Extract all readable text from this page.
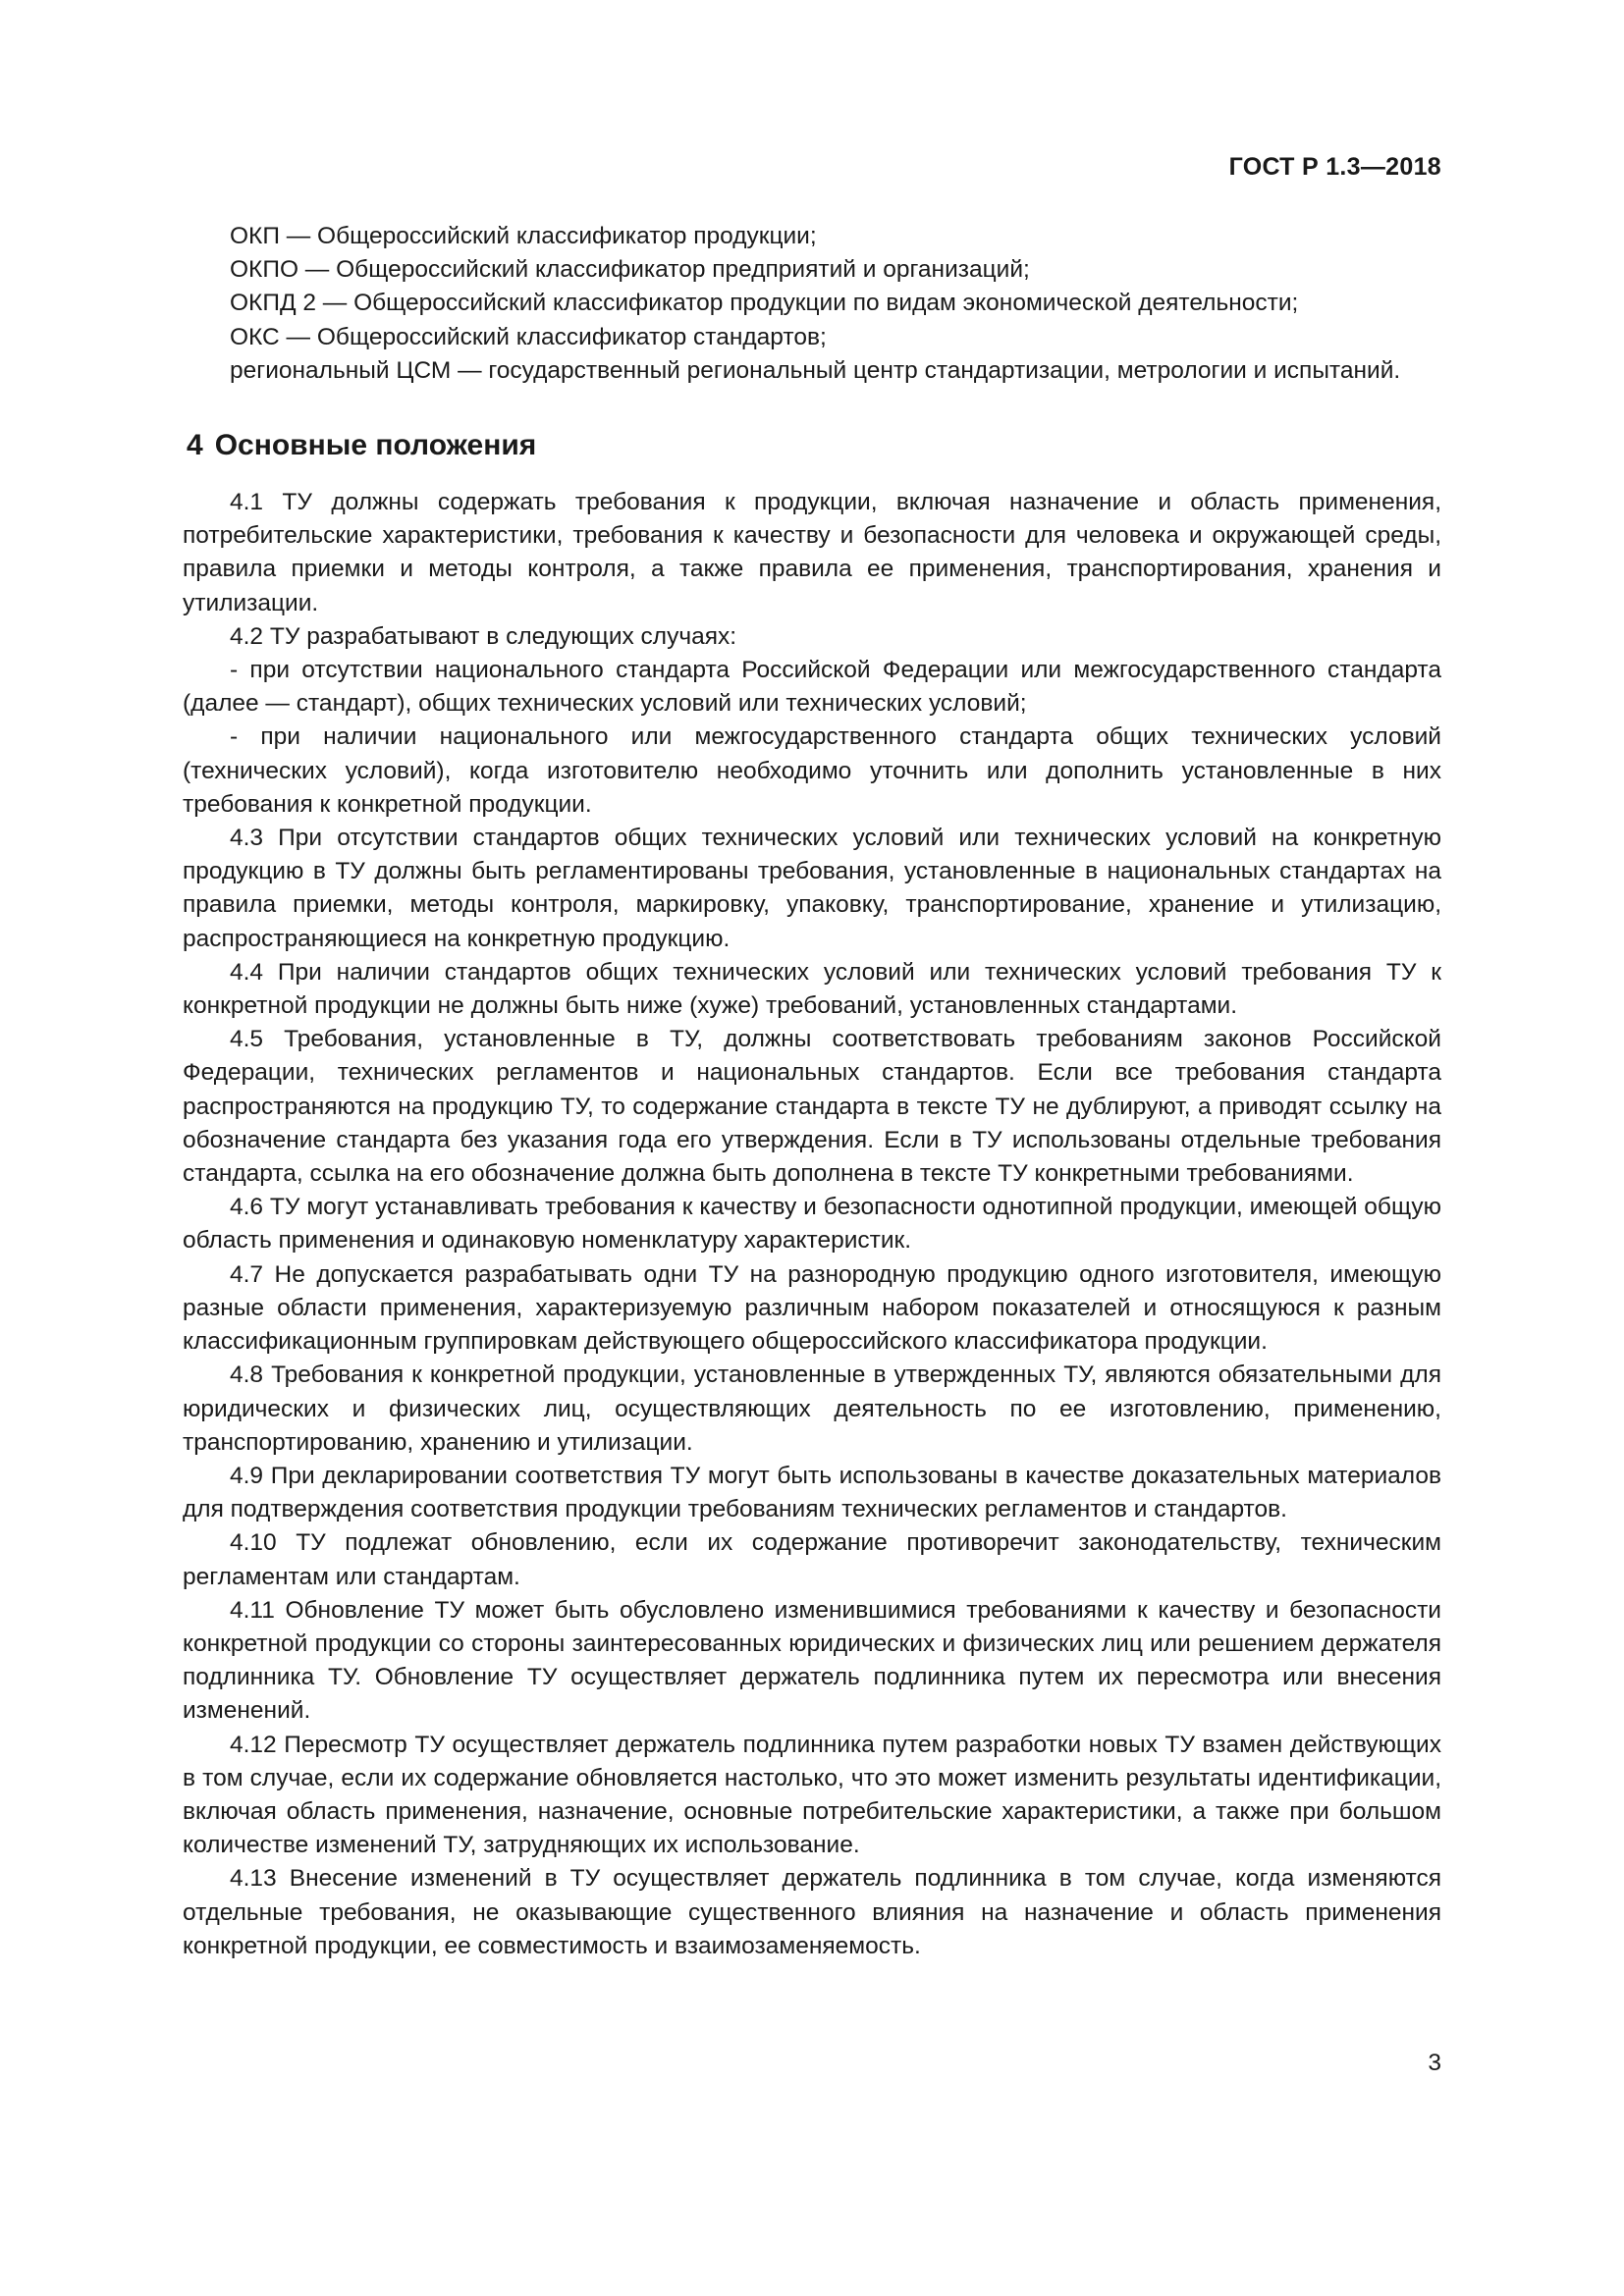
ГОСТ Р 1.3—2018

ОКП — Общероссийский классификатор продукции;

ОКПО — Общероссийский классификатор предприятий и организаций;

ОКПД 2 — Общероссийский классификатор продукции по видам экономической деятельности;

ОКС — Общероссийский классификатор стандартов;

региональный ЦСМ — государственный региональный центр стандартизации, метрологии и испытаний.

4 Основные положения

4.1 ТУ должны содержать требования к продукции, включая назначение и область применения, потребительские характеристики, требования к качеству и безопасности для человека и окружающей среды, правила приемки и методы контроля, а также правила ее применения, транспортирования, хранения и утилизации.

4.2 ТУ разрабатывают в следующих случаях:

- при отсутствии национального стандарта Российской Федерации или межгосударственного стандарта (далее — стандарт), общих технических условий или технических условий;

- при наличии национального или межгосударственного стандарта общих технических условий (технических условий), когда изготовителю необходимо уточнить или дополнить установленные в них требования к конкретной продукции.

4.3 При отсутствии стандартов общих технических условий или технических условий на конкретную продукцию в ТУ должны быть регламентированы требования, установленные в национальных стандартах на правила приемки, методы контроля, маркировку, упаковку, транспортирование, хранение и утилизацию, распространяющиеся на конкретную продукцию.

4.4 При наличии стандартов общих технических условий или технических условий требования ТУ к конкретной продукции не должны быть ниже (хуже) требований, установленных стандартами.

4.5 Требования, установленные в ТУ, должны соответствовать требованиям законов Российской Федерации, технических регламентов и национальных стандартов. Если все требования стандарта распространяются на продукцию ТУ, то содержание стандарта в тексте ТУ не дублируют, а приводят ссылку на обозначение стандарта без указания года его утверждения. Если в ТУ использованы отдельные требования стандарта, ссылка на его обозначение должна быть дополнена в тексте ТУ конкретными требованиями.

4.6 ТУ могут устанавливать требования к качеству и безопасности однотипной продукции, имеющей общую область применения и одинаковую номенклатуру характеристик.

4.7 Не допускается разрабатывать одни ТУ на разнородную продукцию одного изготовителя, имеющую разные области применения, характеризуемую различным набором показателей и относящуюся к разным классификационным группировкам действующего общероссийского классификатора продукции.

4.8 Требования к конкретной продукции, установленные в утвержденных ТУ, являются обязательными для юридических и физических лиц, осуществляющих деятельность по ее изготовлению, применению, транспортированию, хранению и утилизации.

4.9 При декларировании соответствия ТУ могут быть использованы в качестве доказательных материалов для подтверждения соответствия продукции требованиям технических регламентов и стандартов.

4.10 ТУ подлежат обновлению, если их содержание противоречит законодательству, техническим регламентам или стандартам.

4.11 Обновление ТУ может быть обусловлено изменившимися требованиями к качеству и безопасности конкретной продукции со стороны заинтересованных юридических и физических лиц или решением держателя подлинника ТУ. Обновление ТУ осуществляет держатель подлинника путем их пересмотра или внесения изменений.

4.12 Пересмотр ТУ осуществляет держатель подлинника путем разработки новых ТУ взамен действующих в том случае, если их содержание обновляется настолько, что это может изменить результаты идентификации, включая область применения, назначение, основные потребительские характеристики, а также при большом количестве изменений ТУ, затрудняющих их использование.

4.13 Внесение изменений в ТУ осуществляет держатель подлинника в том случае, когда изменяются отдельные требования, не оказывающие существенного влияния на назначение и область применения конкретной продукции, ее совместимость и взаимозаменяемость.

3
